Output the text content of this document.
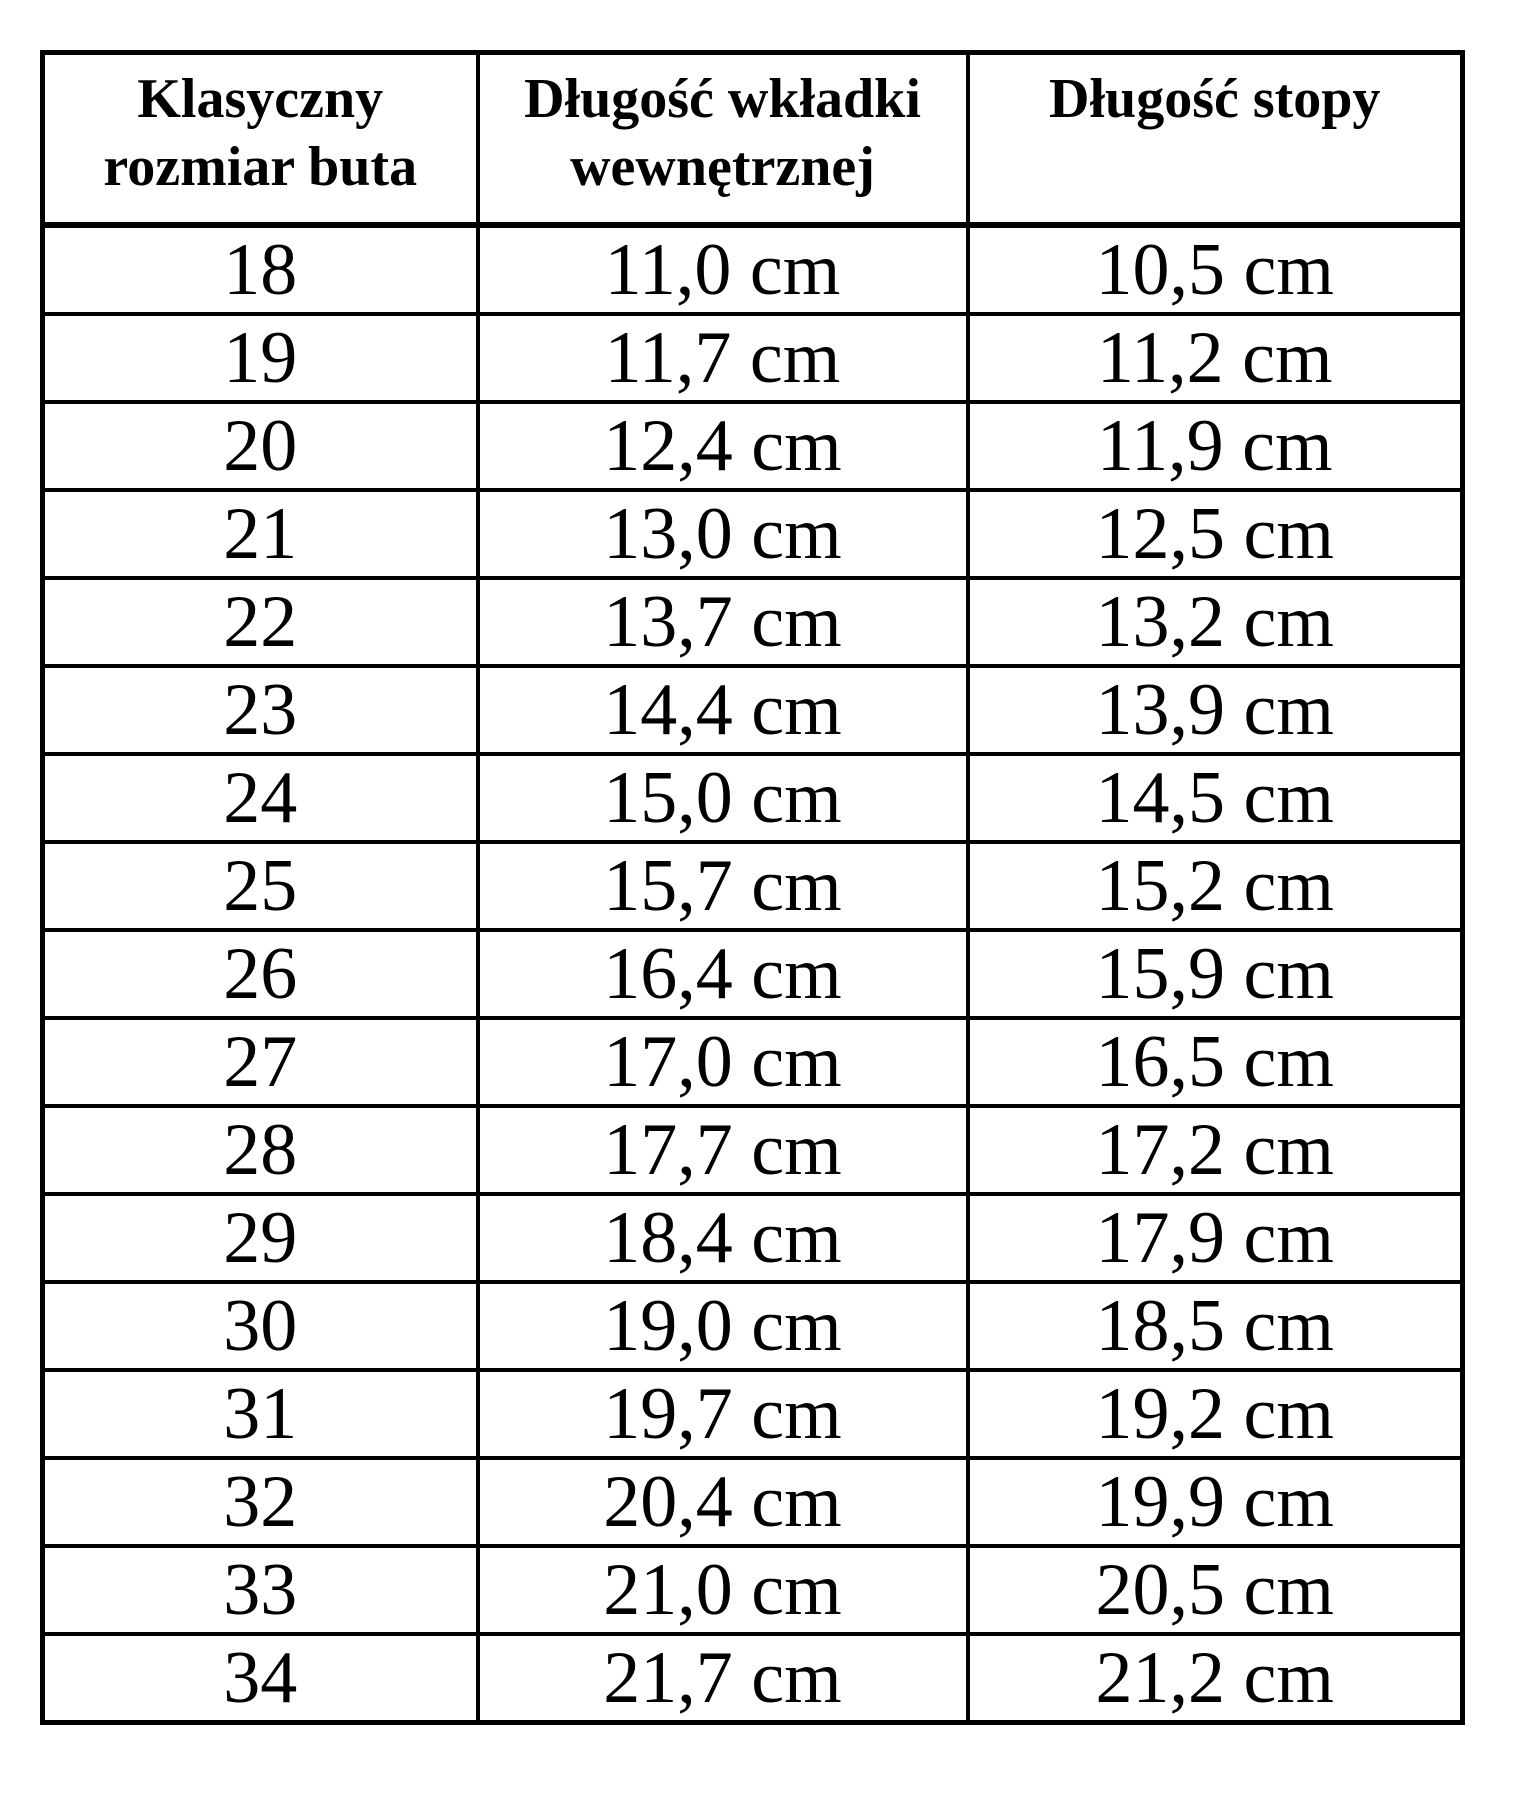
Klasyczny rozmiar buta	Długość wkładki wewnętrznej	Długość stopy
18	11,0 cm	10,5 cm
19	11,7 cm	11,2 cm
20	12,4 cm	11,9 cm
21	13,0 cm	12,5 cm
22	13,7 cm	13,2 cm
23	14,4 cm	13,9 cm
24	15,0 cm	14,5 cm
25	15,7 cm	15,2 cm
26	16,4 cm	15,9 cm
27	17,0 cm	16,5 cm
28	17,7 cm	17,2 cm
29	18,4 cm	17,9 cm
30	19,0 cm	18,5 cm
31	19,7 cm	19,2 cm
32	20,4 cm	19,9 cm
33	21,0 cm	20,5 cm
34	21,7 cm	21,2 cm
